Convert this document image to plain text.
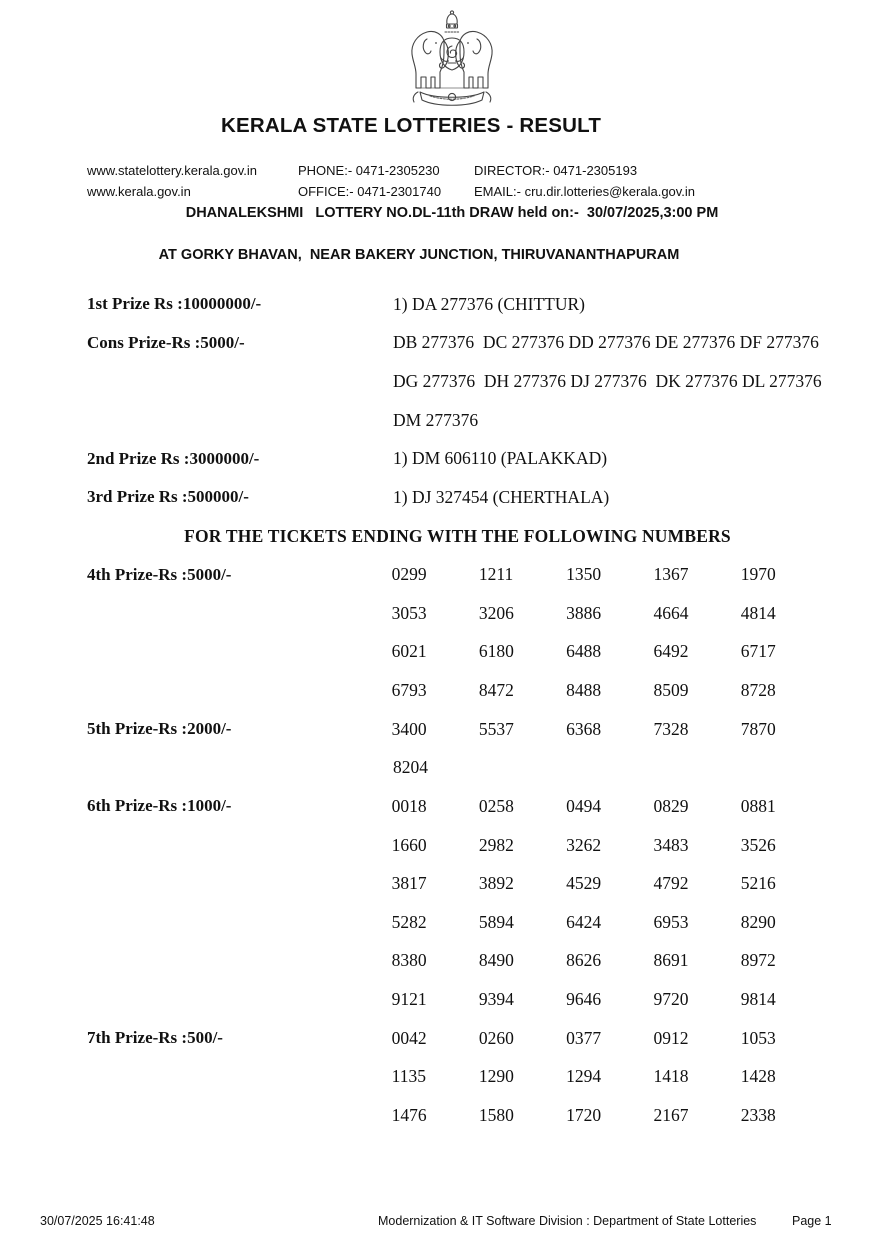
KERALA STATE LOTTERIES - RESULT
www.statelottery.kerala.gov.in	PHONE:- 0471-2305230	DIRECTOR:- 0471-2305193
www.kerala.gov.in	OFFICE:- 0471-2301740	EMAIL:- cru.dir.lotteries@kerala.gov.in
DHANALEKSHMI   LOTTERY NO.DL-11th DRAW held on:-  30/07/2025,3:00 PM
AT GORKY BHAVAN,  NEAR BAKERY JUNCTION, THIRUVANANTHAPURAM
1st Prize Rs :10000000/-	1) DA 277376 (CHITTUR)
Cons Prize-Rs :5000/-	DB 277376  DC 277376 DD 277376 DE 277376 DF 277376
DG 277376  DH 277376 DJ 277376  DK 277376 DL 277376
DM 277376
2nd Prize Rs :3000000/-	1) DM 606110 (PALAKKAD)
3rd Prize Rs :500000/-	1) DJ 327454 (CHERTHALA)
FOR THE TICKETS ENDING WITH THE FOLLOWING NUMBERS
4th Prize-Rs :5000/-	0299	1211	1350	1367	1970
3053	3206	3886	4664	4814
6021	6180	6488	6492	6717
6793	8472	8488	8509	8728
5th Prize-Rs :2000/-	3400	5537	6368	7328	7870
8204
6th Prize-Rs :1000/-	0018	0258	0494	0829	0881
1660	2982	3262	3483	3526
3817	3892	4529	4792	5216
5282	5894	6424	6953	8290
8380	8490	8626	8691	8972
9121	9394	9646	9720	9814
7th Prize-Rs :500/-	0042	0260	0377	0912	1053
1135	1290	1294	1418	1428
1476	1580	1720	2167	2338
30/07/2025 16:41:48	Modernization & IT Software Division : Department of State Lotteries	Page 1
